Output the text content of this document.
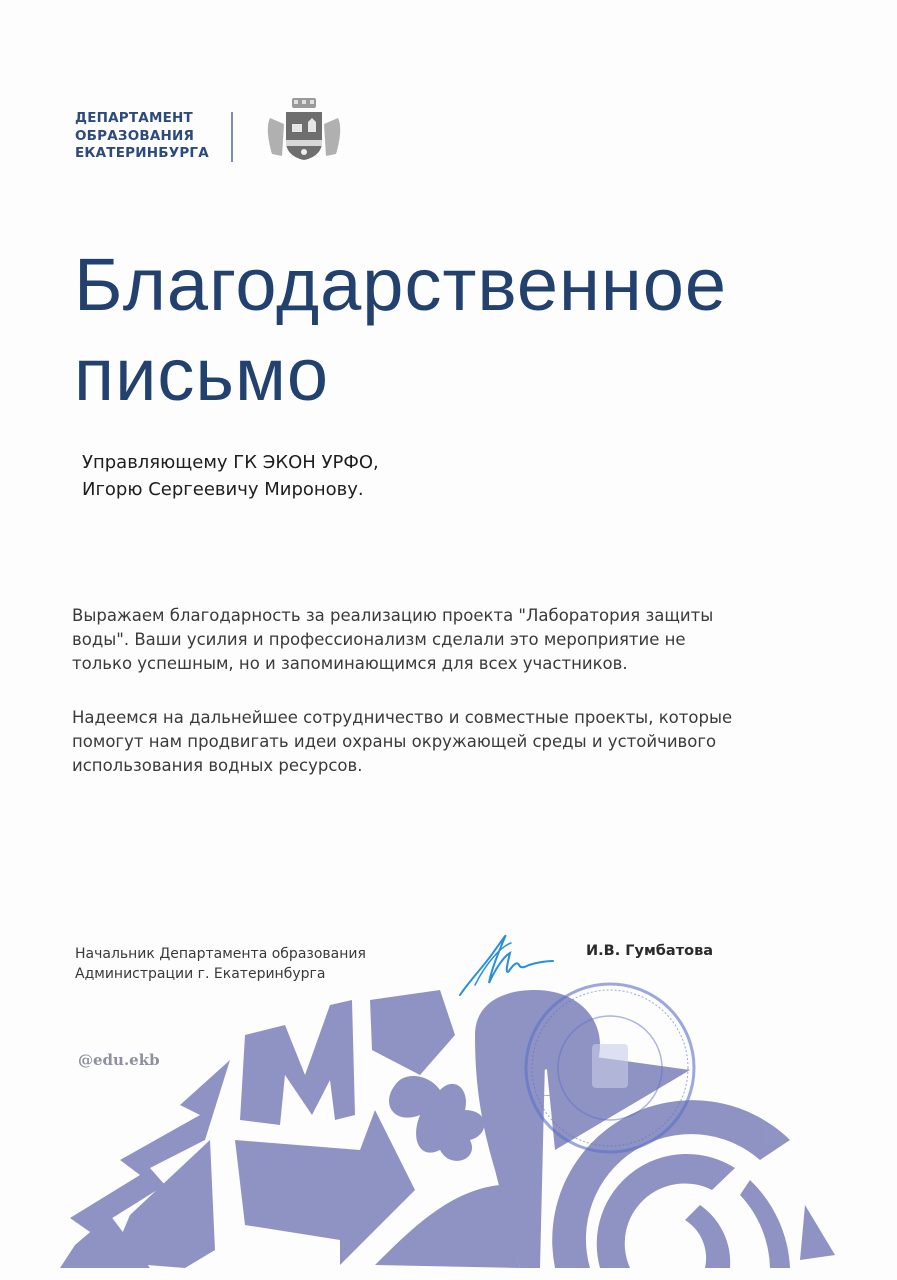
ДЕПАРТАМЕНТ
ОБРАЗОВАНИЯ
ЕКАТЕРИНБУРГА
Благодарственное
письмо
Управляющему ГК ЭКОН УРФО,
Игорю Сергеевичу Миронову.
Выражаем благодарность за реализацию проекта "Лаборатория защиты
воды". Ваши усилия и профессионализм сделали это мероприятие не
только успешным, но и запоминающимся для всех участников.
Надеемся на дальнейшее сотрудничество и совместные проекты, которые
помогут нам продвигать идеи охраны окружающей среды и устойчивого
использования водных ресурсов.
Начальник Департамента образования
Администрации г. Екатеринбурга
И.В. Гумбатова
@edu.ekb
